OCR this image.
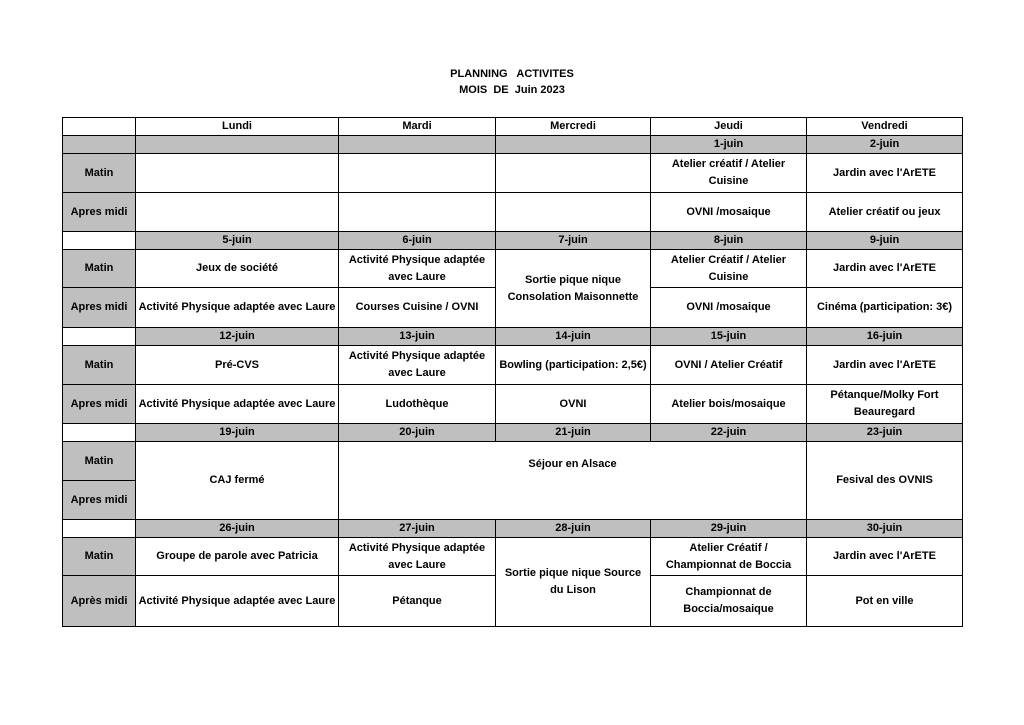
PLANNING   ACTIVITES
MOIS  DE  Juin 2023
	Lundi	Mardi	Mercredi	Jeudi	Vendredi
				1-juin	2-juin
Matin				Atelier créatif / Atelier Cuisine	Jardin avec l'ArETE
Apres midi				OVNI /mosaique	Atelier créatif ou jeux
	5-juin	6-juin	7-juin	8-juin	9-juin
Matin	Jeux de société	Activité Physique adaptée avec Laure	Sortie pique nique Consolation Maisonnette	Atelier Créatif / Atelier Cuisine	Jardin avec l'ArETE
Apres midi	Activité Physique adaptée avec Laure	Courses Cuisine / OVNI		OVNI /mosaique	Cinéma (participation: 3€)
	12-juin	13-juin	14-juin	15-juin	16-juin
Matin	Pré-CVS	Activité Physique adaptée avec Laure	Bowling (participation: 2,5€)	OVNI / Atelier Créatif	Jardin avec l'ArETE
Apres midi	Activité Physique adaptée avec Laure	Ludothèque	OVNI	Atelier bois/mosaique	Pétanque/Molky Fort Beauregard
	19-juin	20-juin	21-juin	22-juin	23-juin
Matin	CAJ fermé	Séjour en Alsace			Fesival des OVNIS
Apres midi					
	26-juin	27-juin	28-juin	29-juin	30-juin
Matin	Groupe de parole avec Patricia	Activité Physique adaptée avec Laure	Sortie pique nique Source du Lison	Atelier Créatif / Championnat de Boccia	Jardin avec l'ArETE
Après midi	Activité Physique adaptée avec Laure	Pétanque		Championnat de Boccia/mosaique	Pot en ville
